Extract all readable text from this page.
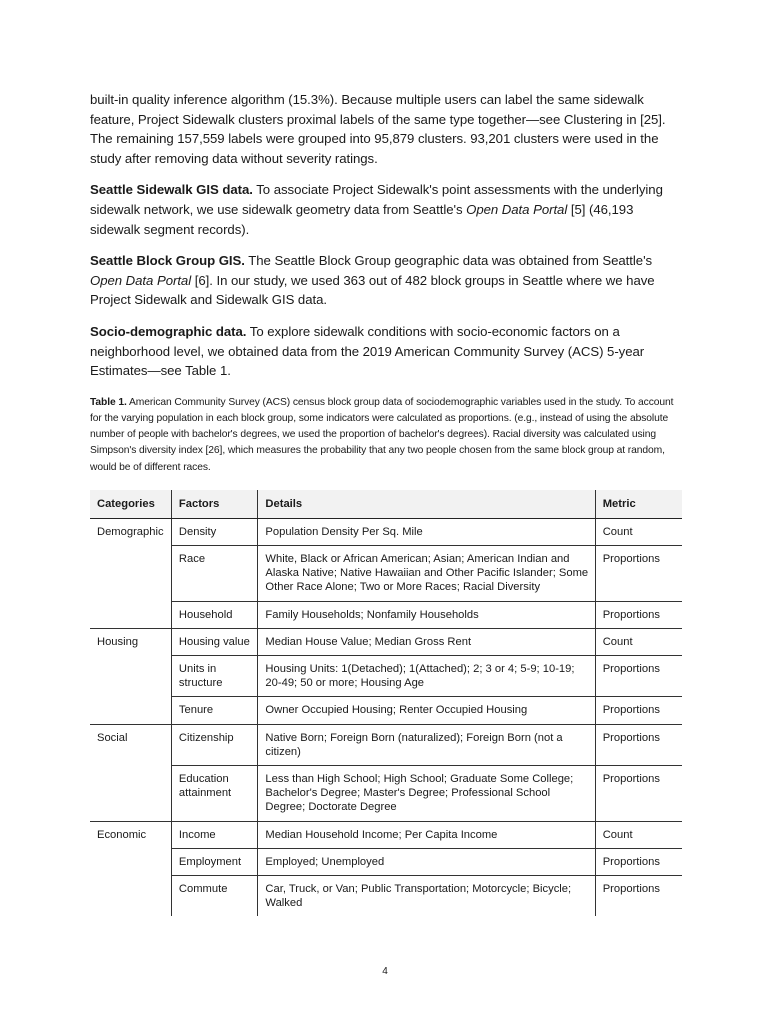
built-in quality inference algorithm (15.3%). Because multiple users can label the same sidewalk feature, Project Sidewalk clusters proximal labels of the same type together—see Clustering in [25]. The remaining 157,559 labels were grouped into 95,879 clusters. 93,201 clusters were used in the study after removing data without severity ratings.

Seattle Sidewalk GIS data. To associate Project Sidewalk's point assessments with the underlying sidewalk network, we use sidewalk geometry data from Seattle's Open Data Portal [5] (46,193 sidewalk segment records).

Seattle Block Group GIS. The Seattle Block Group geographic data was obtained from Seattle's Open Data Portal [6]. In our study, we used 363 out of 482 block groups in Seattle where we have Project Sidewalk and Sidewalk GIS data.

Socio-demographic data. To explore sidewalk conditions with socio-economic factors on a neighborhood level, we obtained data from the 2019 American Community Survey (ACS) 5-year Estimates—see Table 1.

Table 1. American Community Survey (ACS) census block group data of sociodemographic variables used in the study. To account for the varying population in each block group, some indicators were calculated as proportions. (e.g., instead of using the absolute number of people with bachelor's degrees, we used the proportion of bachelor's degrees). Racial diversity was calculated using Simpson's diversity index [26], which measures the probability that any two people chosen from the same block group at random, would be of different races.

Categories	Factors	Details	Metric
Demographic	Density	Population Density Per Sq. Mile	Count
	Race	White, Black or African American; Asian; American Indian and Alaska Native; Native Hawaiian and Other Pacific Islander; Some Other Race Alone; Two or More Races; Racial Diversity	Proportions
	Household	Family Households; Nonfamily Households	Proportions
Housing	Housing value	Median House Value; Median Gross Rent	Count
	Units in structure	Housing Units: 1(Detached); 1(Attached); 2; 3 or 4; 5-9; 10-19; 20-49; 50 or more; Housing Age	Proportions
	Tenure	Owner Occupied Housing; Renter Occupied Housing	Proportions
Social	Citizenship	Native Born; Foreign Born (naturalized); Foreign Born (not a citizen)	Proportions
	Education attainment	Less than High School; High School; Graduate Some College; Bachelor's Degree; Master's Degree; Professional School Degree; Doctorate Degree	Proportions
Economic	Income	Median Household Income; Per Capita Income	Count
	Employment	Employed; Unemployed	Proportions
	Commute	Car, Truck, or Van; Public Transportation; Motorcycle; Bicycle; Walked	Proportions
4
